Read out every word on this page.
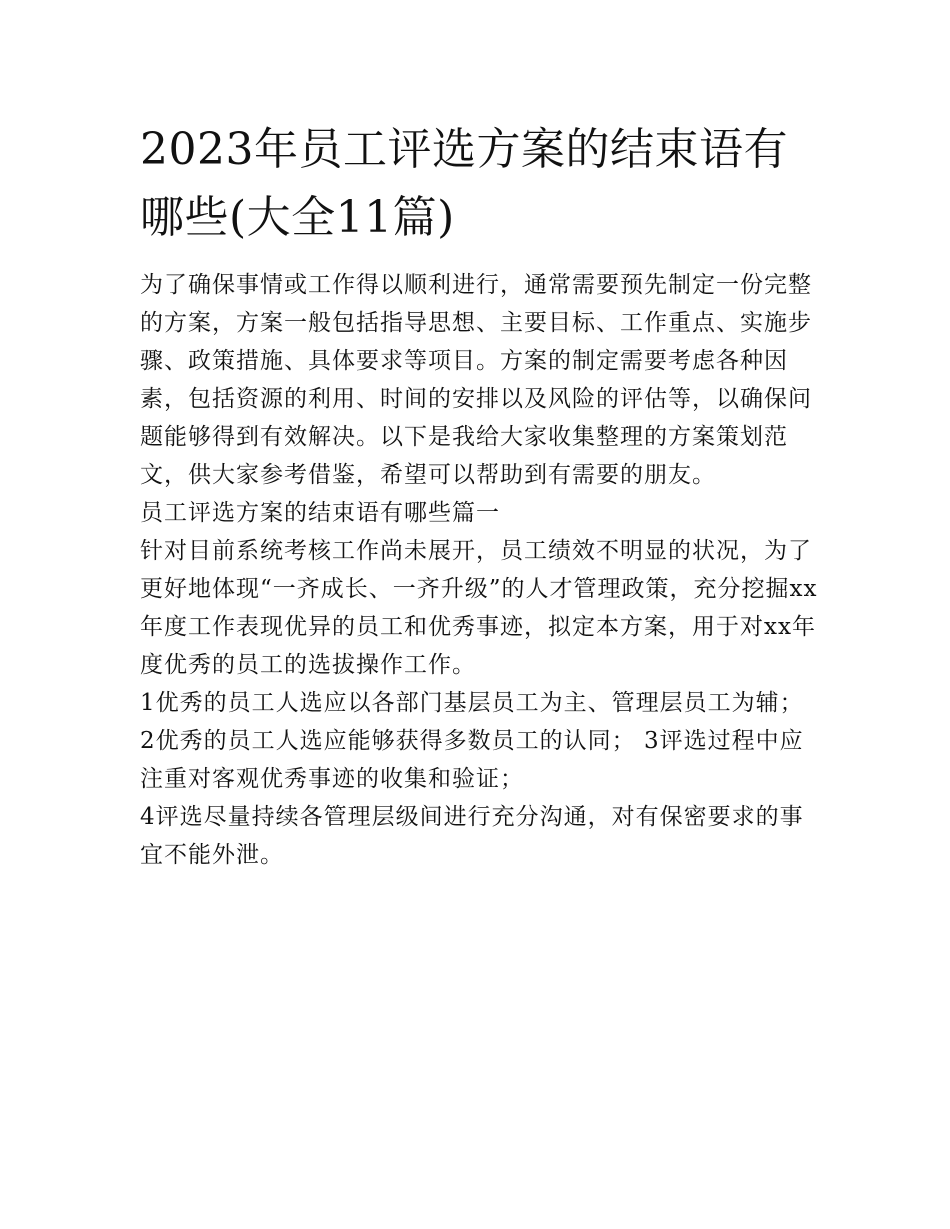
2023年员工评选方案的结束语有哪些(大全11篇)

为了确保事情或工作得以顺利进行，通常需要预先制定一份完整的方案，方案一般包括指导思想、主要目标、工作重点、实施步骤、政策措施、具体要求等项目。方案的制定需要考虑各种因素，包括资源的利用、时间的安排以及风险的评估等，以确保问题能够得到有效解决。以下是我给大家收集整理的方案策划范文，供大家参考借鉴，希望可以帮助到有需要的朋友。

员工评选方案的结束语有哪些篇一

针对目前系统考核工作尚未展开，员工绩效不明显的状况，为了更好地体现“一齐成长、一齐升级”的人才管理政策，充分挖掘xx年度工作表现优异的员工和优秀事迹，拟定本方案，用于对xx年度优秀的员工的选拔操作工作。

1优秀的员工人选应以各部门基层员工为主、管理层员工为辅； 2优秀的员工人选应能够获得多数员工的认同； 3评选过程中应注重对客观优秀事迹的收集和验证；

4评选尽量持续各管理层级间进行充分沟通，对有保密要求的事宜不能外泄。
